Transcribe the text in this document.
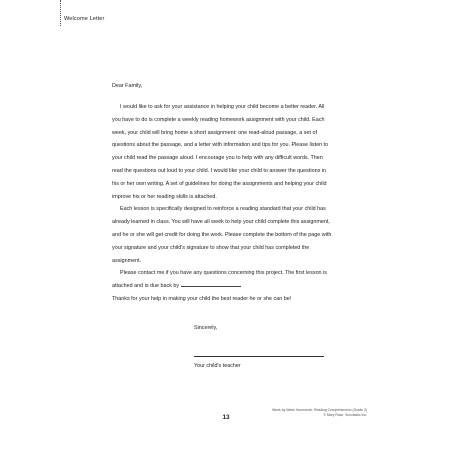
Welcome Letter

Dear Family,

I would like to ask for your assistance in helping your child become a better reader. All you have to do is complete a weekly reading homework assignment with your child. Each week, your child will bring home a short assignment: one read-aloud passage, a set of questions about the passage, and a letter with information and tips for you. Please listen to your child read the passage aloud. I encourage you to help with any difficult words. Then read the questions out loud to your child. I would like your child to answer the questions in his or her own writing. A set of guidelines for doing the assignments and helping your child improve his or her reading skills is attached.

Each lesson is specifically designed to reinforce a reading standard that your child has already learned in class. You will have all week to help your child complete this assignment, and he or she will get credit for doing the work. Please complete the bottom of the page with your signature and your child's signature to show that your child has completed the assignment.

Please contact me if you have any questions concerning this project. The first lesson is attached and is due back by
Thanks for your help in making your child the best reader he or she can be!

Sincerely,
Your child's teacher
13
Week-by-Week Homework: Reading Comprehension (Grade 3)
© Mary Rose, Scholastic Inc.
